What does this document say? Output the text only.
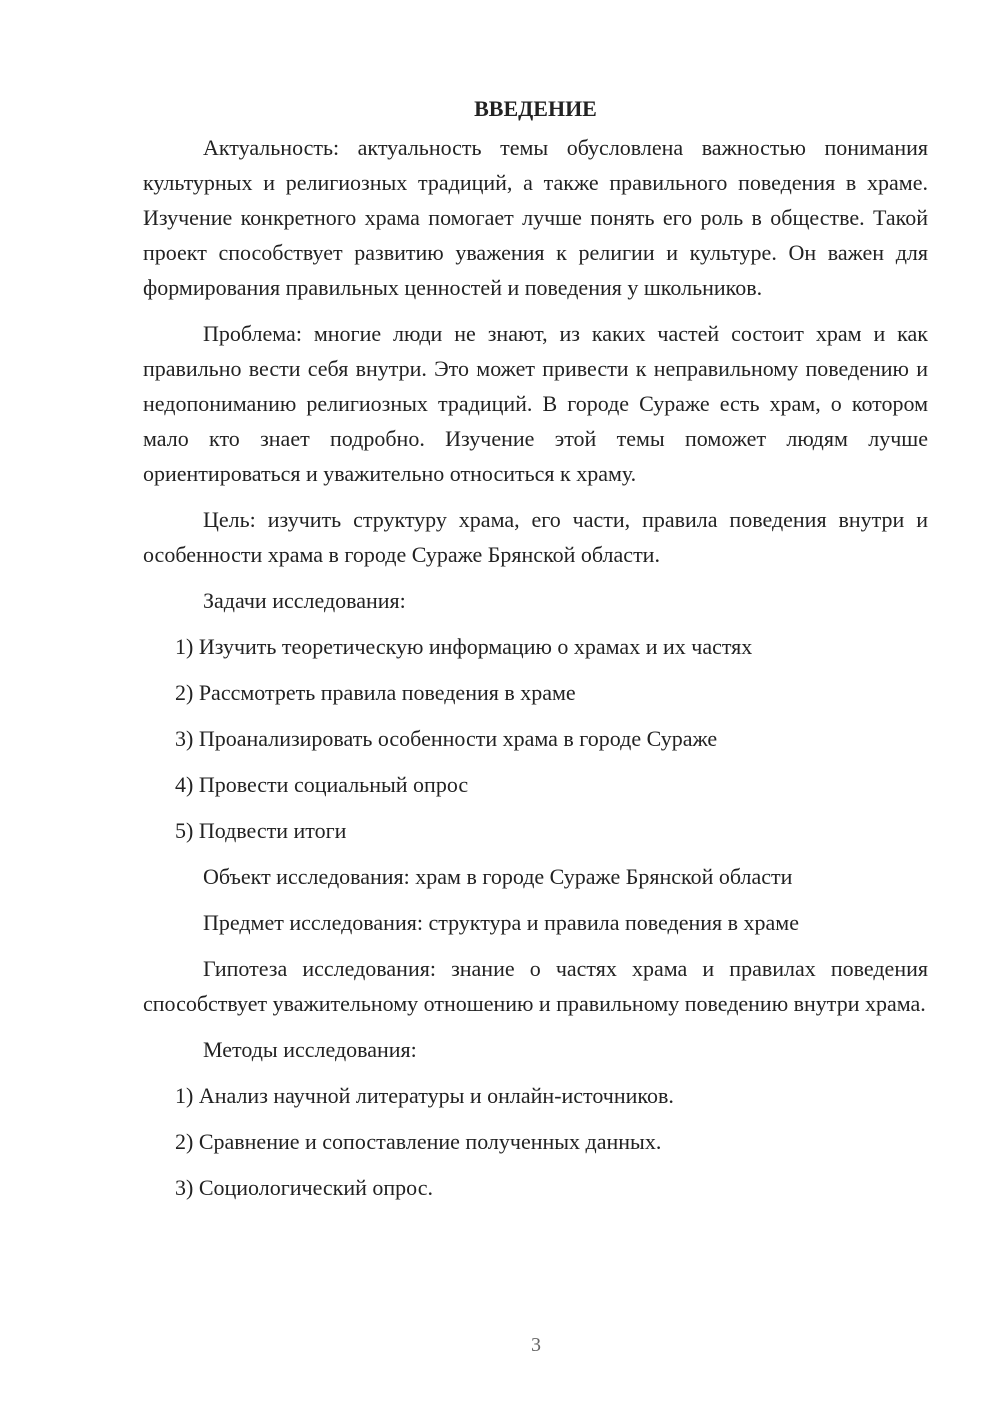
ВВЕДЕНИЕ

Актуальность: актуальность темы обусловлена важностью понимания культурных и религиозных традиций, а также правильного поведения в храме. Изучение конкретного храма помогает лучше понять его роль в обществе. Такой проект способствует развитию уважения к религии и культуре. Он важен для формирования правильных ценностей и поведения у школьников.

Проблема: многие люди не знают, из каких частей состоит храм и как правильно вести себя внутри. Это может привести к неправильному поведению и недопониманию религиозных традиций. В городе Сураже есть храм, о котором мало кто знает подробно. Изучение этой темы поможет людям лучше ориентироваться и уважительно относиться к храму.

Цель: изучить структуру храма, его части, правила поведения внутри и особенности храма в городе Сураже Брянской области.

Задачи исследования:

1) Изучить теоретическую информацию о храмах и их частях

2) Рассмотреть правила поведения в храме

3) Проанализировать особенности храма в городе Сураже

4) Провести социальный опрос

5) Подвести итоги

Объект исследования: храм в городе Сураже Брянской области

Предмет исследования: структура и правила поведения в храме

Гипотеза исследования: знание о частях храма и правилах поведения способствует уважительному отношению и правильному поведению внутри храма.

Методы исследования:

1) Анализ научной литературы и онлайн-источников.

2) Сравнение и сопоставление полученных данных.

3) Социологический опрос.

3
